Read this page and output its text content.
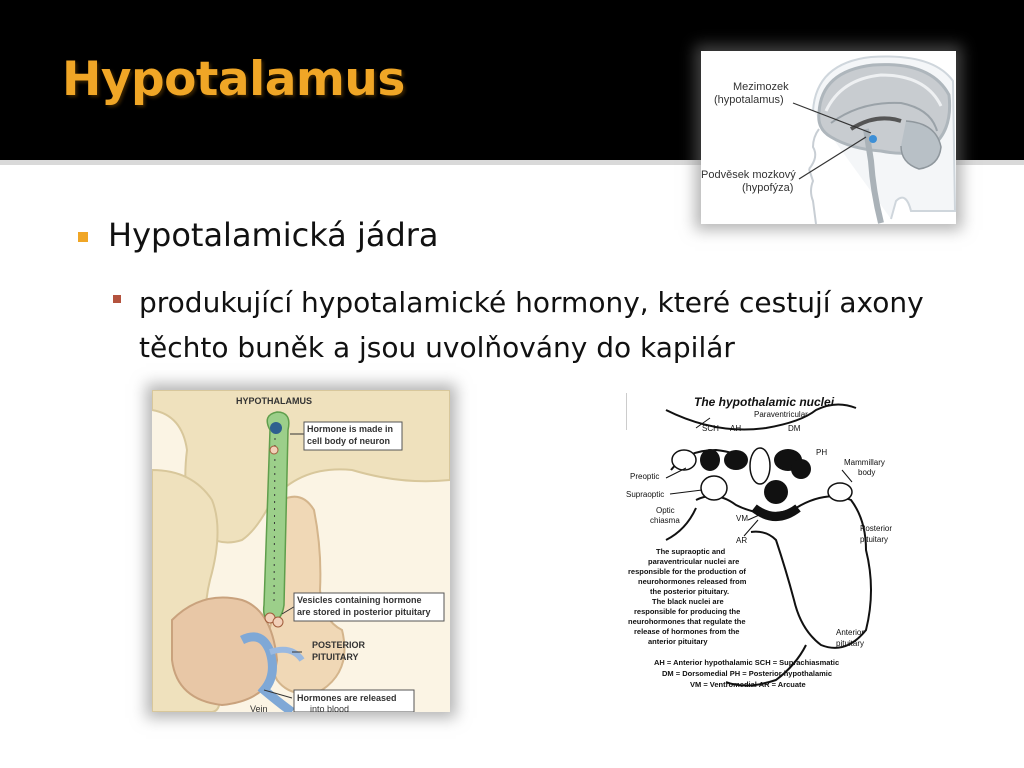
Hypotalamus
Hypotalamická jádra
produkující hypotalamické hormony, které cestují axony těchto buněk a jsou uvolňovány do kapilár
Mezimozek
(hypotalamus)
Podvěsek mozkový
(hypofýza)
HYPOTHALAMUS
Hormone is made in
cell body of neuron
Vesicles containing hormone
are stored in posterior pituitary
POSTERIOR
PITUITARY
Hormones are released
into blood
Vein
The hypothalamic nuclei
Paraventricular
SCH AH	DM
PH
Mammillary
body
Preoptic
Supraoptic
Optic
chiasma	VM
AR
Posterior
pituitary
Anterior
pituitary
The supraoptic and
paraventricular nuclei are
responsible for the production of
neurohormones released from
the posterior pituitary.
The black nuclei are
responsible for producing the
neurohormones that regulate the
release of hormones from the
anterior pituitary
AH = Anterior hypothalamic SCH = Suprachiasmatic
DM = Dorsomedial PH = Posterior hypothalamic
VM = Ventromedial AR = Arcuate
